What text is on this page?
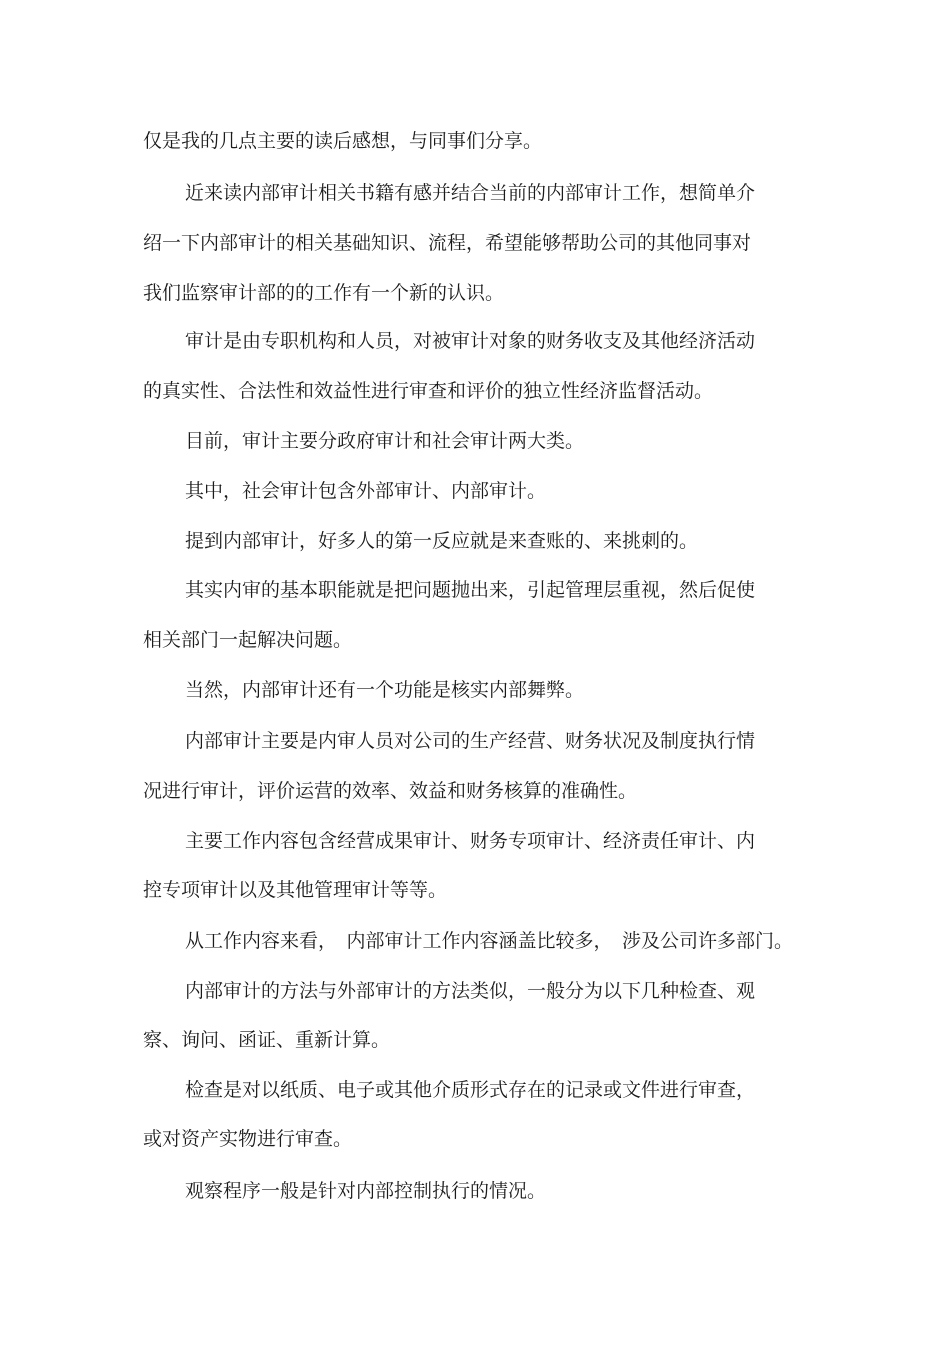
仅是我的几点主要的读后感想，与同事们分享。
近来读内部审计相关书籍有感并结合当前的内部审计工作，想简单介
绍一下内部审计的相关基础知识、流程，希望能够帮助公司的其他同事对
我们监察审计部的的工作有一个新的认识。
审计是由专职机构和人员，对被审计对象的财务收支及其他经济活动
的真实性、合法性和效益性进行审查和评价的独立性经济监督活动。
目前，审计主要分政府审计和社会审计两大类。
其中，社会审计包含外部审计、内部审计。
提到内部审计，好多人的第一反应就是来查账的、来挑刺的。
其实内审的基本职能就是把问题抛出来，引起管理层重视，然后促使
相关部门一起解决问题。
当然，内部审计还有一个功能是核实内部舞弊。
内部审计主要是内审人员对公司的生产经营、财务状况及制度执行情
况进行审计，评价运营的效率、效益和财务核算的准确性。
主要工作内容包含经营成果审计、财务专项审计、经济责任审计、内
控专项审计以及其他管理审计等等。
从工作内容来看，　内部审计工作内容涵盖比较多，　涉及公司许多部门。
内部审计的方法与外部审计的方法类似，一般分为以下几种检查、观
察、询问、函证、重新计算。
检查是对以纸质、电子或其他介质形式存在的记录或文件进行审查，
或对资产实物进行审查。
观察程序一般是针对内部控制执行的情况。
